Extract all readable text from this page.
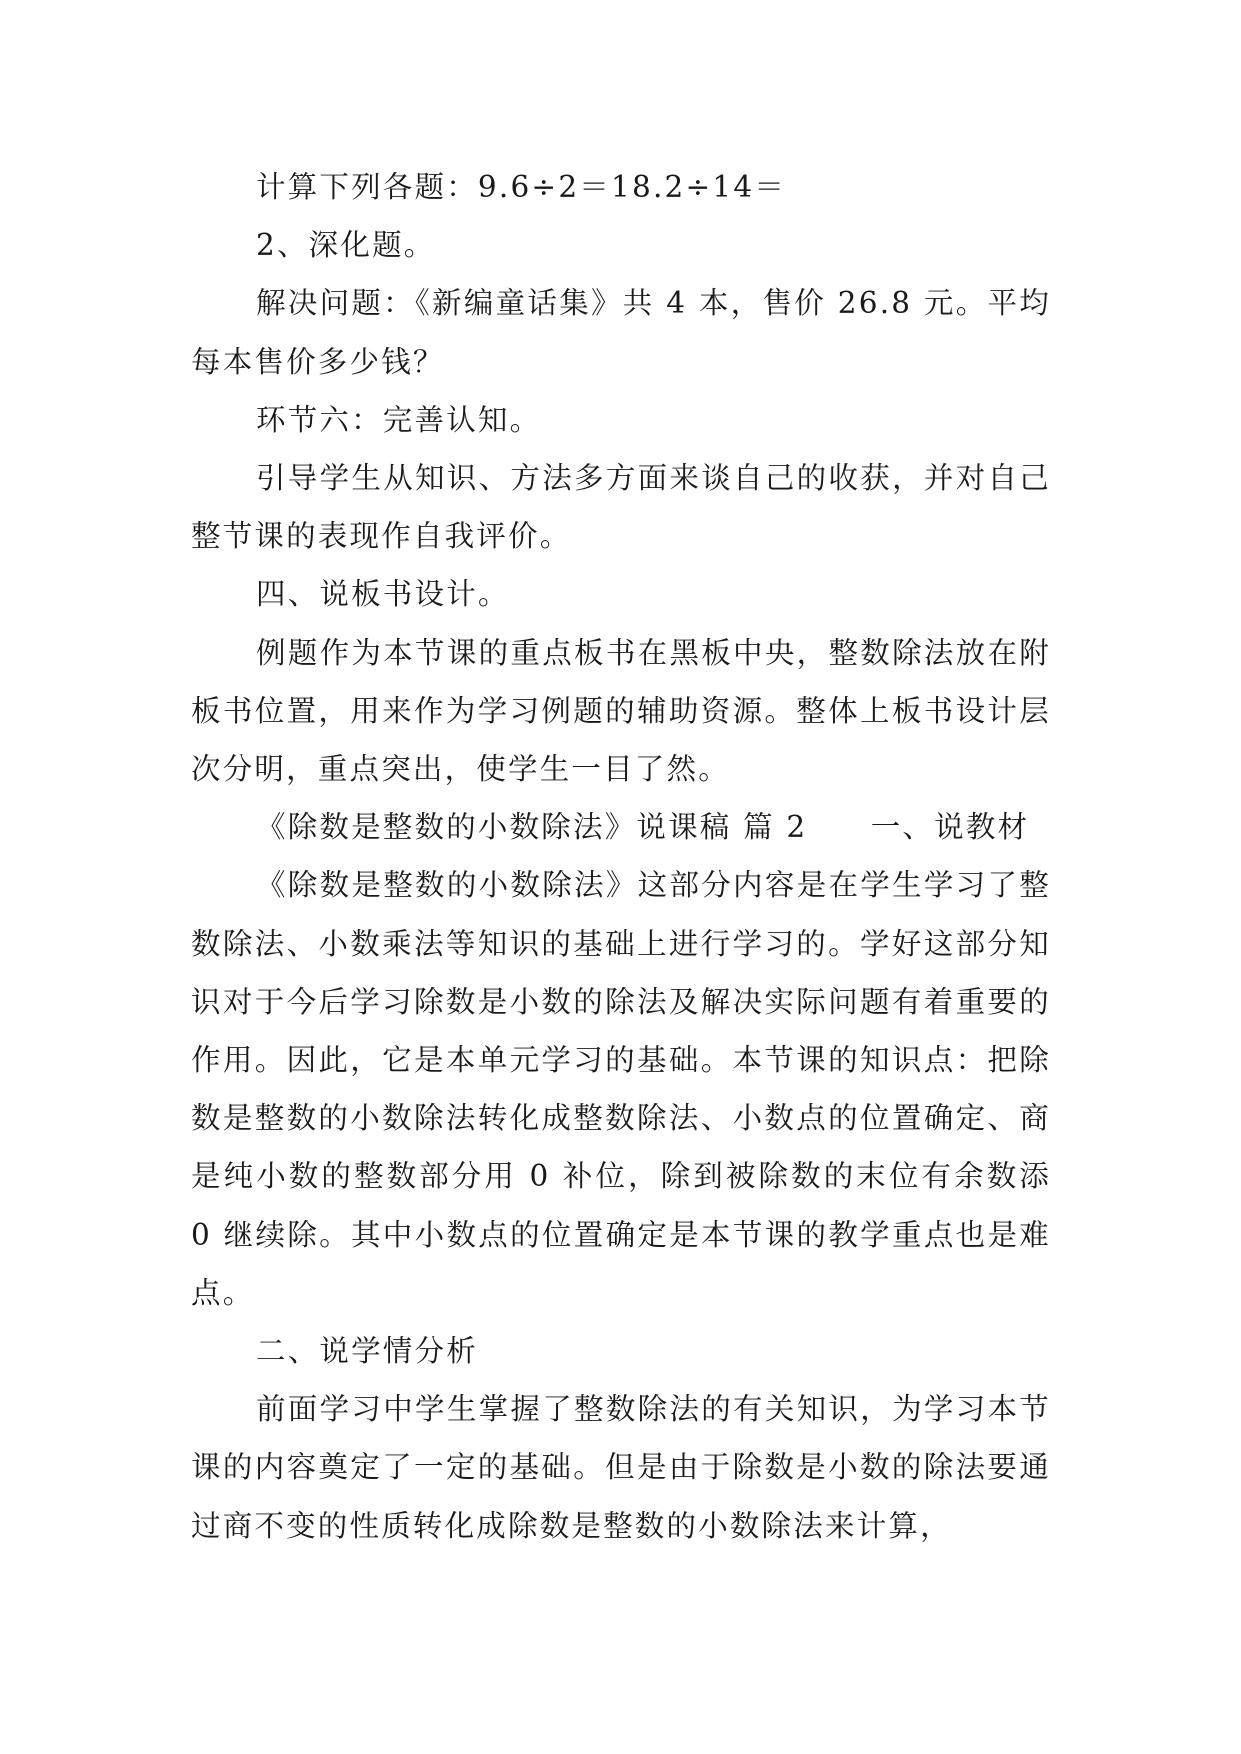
计算下列各题：9.6÷2＝18.2÷14＝

2、深化题。

解决问题：《新编童话集》共 4 本，售价 26.8 元。平均每本售价多少钱？

环节六：完善认知。

引导学生从知识、方法多方面来谈自己的收获，并对自己整节课的表现作自我评价。

四、说板书设计。

例题作为本节课的重点板书在黑板中央，整数除法放在附板书位置，用来作为学习例题的辅助资源。整体上板书设计层次分明，重点突出，使学生一目了然。

《除数是整数的小数除法》说课稿 篇 2　　一、说教材

《除数是整数的小数除法》这部分内容是在学生学习了整数除法、小数乘法等知识的基础上进行学习的。学好这部分知识对于今后学习除数是小数的除法及解决实际问题有着重要的作用。因此，它是本单元学习的基础。本节课的知识点：把除数是整数的小数除法转化成整数除法、小数点的位置确定、商是纯小数的整数部分用 0 补位，除到被除数的末位有余数添 0 继续除。其中小数点的位置确定是本节课的教学重点也是难点。

二、说学情分析

前面学习中学生掌握了整数除法的有关知识，为学习本节课的内容奠定了一定的基础。但是由于除数是小数的除法要通过商不变的性质转化成除数是整数的小数除法来计算，
